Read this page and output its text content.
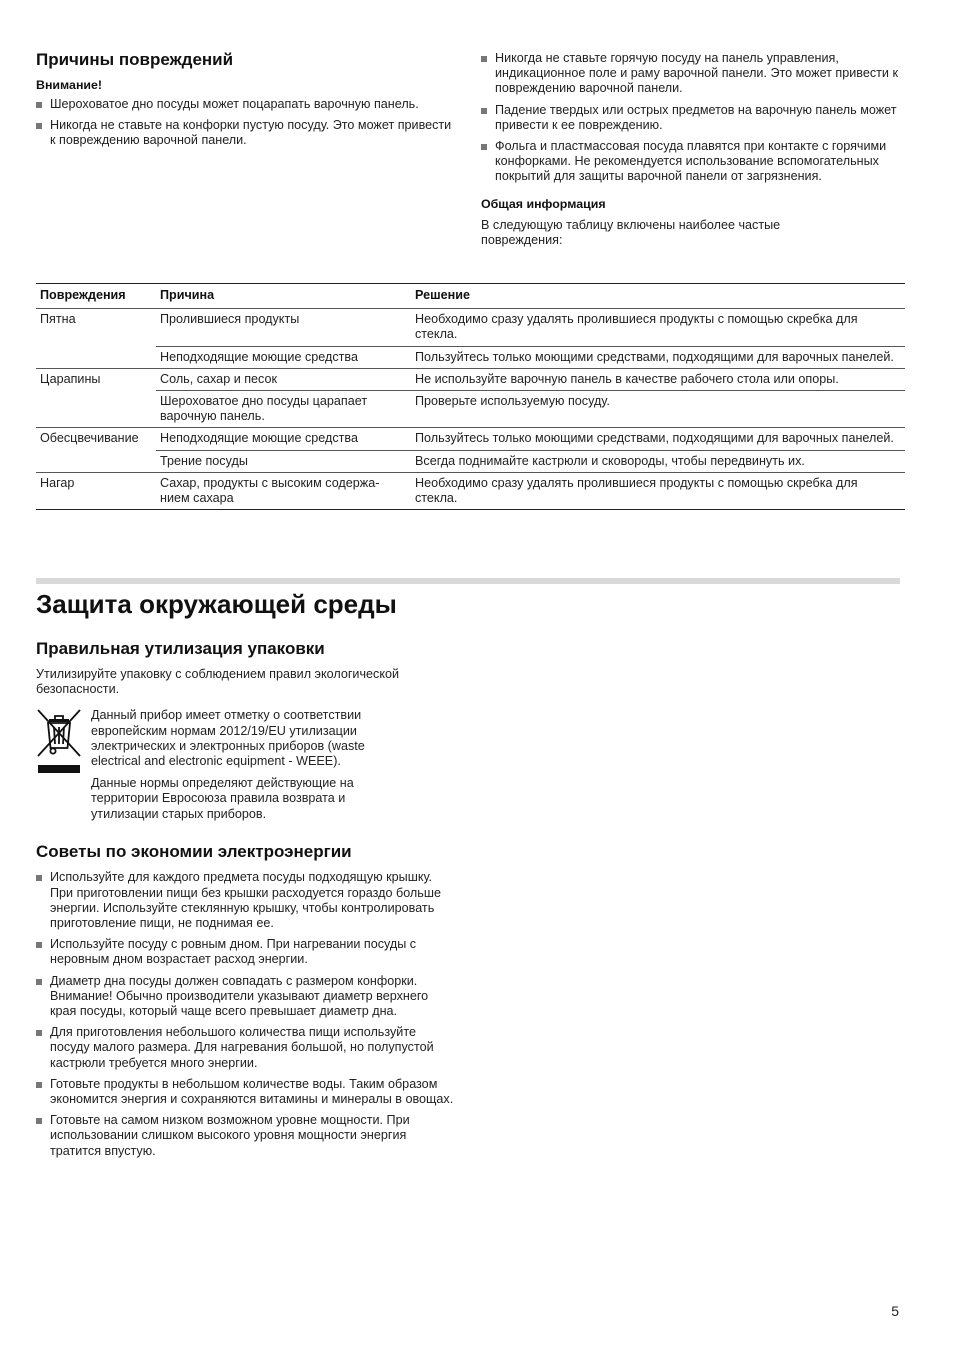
Причины повреждений
Внимание!
Шероховатое дно посуды может поцарапать варочную панель.
Никогда не ставьте на конфорки пустую посуду. Это может привести к повреждению варочной панели.
Никогда не ставьте горячую посуду на панель управления, индикационное поле и раму варочной панели. Это может привести к повреждению варочной панели.
Падение твердых или острых предметов на варочную панель может привести к ее повреждению.
Фольга и пластмассовая посуда плавятся при контакте с горячими конфорками. Не рекомендуется использование вспомогательных покрытий для защиты варочной панели от загрязнения.
Общая информация

В следующую таблицу включены наиболее частые повреждения:

Повреждения	Причина	Решение
Пятна	Пролившиеся продукты	Необходимо сразу удалять пролившиеся продукты с помощью скребка для стекла.
	Неподходящие моющие средства	Пользуйтесь только моющими средствами, подходящими для варочных панелей.
Царапины	Соль, сахар и песок	Не используйте варочную панель в качестве рабочего стола или опоры.
	Шероховатое дно посуды царапает варочную панель.	Проверьте используемую посуду.
Обесцвечивание	Неподходящие моющие средства	Пользуйтесь только моющими средствами, подходящими для варочных панелей.
	Трение посуды	Всегда поднимайте кастрюли и сковороды, чтобы передвинуть их.
Нагар	Сахар, продукты с высоким содержа-нием сахара	Необходимо сразу удалять пролившиеся продукты с помощью скребка для стекла.
Защита окружающей среды
Правильная утилизация упаковки

Утилизируйте упаковку с соблюдением правил экологической безопасности.

Данный прибор имеет отметку о соответствии европейским нормам 2012/19/EU утилизации электрических и электронных приборов (waste electrical and electronic equipment - WEEE).

Данные нормы определяют действующие на территории Евросоюза правила возврата и утилизации старых приборов.

Советы по экономии электроэнергии
Используйте для каждого предмета посуды подходящую крышку. При приготовлении пищи без крышки расходуется гораздо больше энергии. Используйте стеклянную крышку, чтобы контролировать приготовление пищи, не поднимая ее.
Используйте посуду с ровным дном. При нагревании посуды с неровным дном возрастает расход энергии.
Диаметр дна посуды должен совпадать с размером конфорки. Внимание! Обычно производители указывают диаметр верхнего края посуды, который чаще всего превышает диаметр дна.
Для приготовления небольшого количества пищи используйте посуду малого размера. Для нагревания большой, но полупустой кастрюли требуется много энергии.
Готовьте продукты в небольшом количестве воды. Таким образом экономится энергия и сохраняются витамины и минералы в овощах.
Готовьте на самом низком возможном уровне мощности. При использовании слишком высокого уровня мощности энергия тратится впустую.
5
